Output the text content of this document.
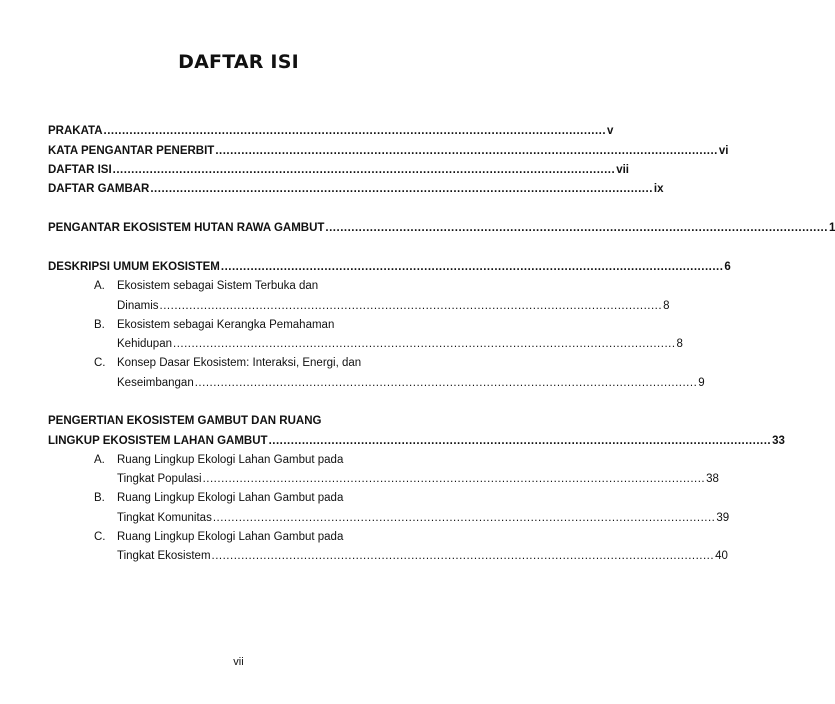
DAFTAR ISI
PRAKATA ........................................................................................................................................ v
KATA PENGANTAR PENERBIT ........................................................................................................................................ vi
DAFTAR ISI ........................................................................................................................................ vii
DAFTAR GAMBAR ........................................................................................................................................ ix
PENGANTAR EKOSISTEM HUTAN RAWA GAMBUT ........................................................................................................................................ 1
DESKRIPSI UMUM EKOSISTEM ........................................................................................................................................ 6
A. Ekosistem sebagai Sistem Terbuka dan
Dinamis ........................................................................................................................................ 8
B. Ekosistem sebagai Kerangka Pemahaman
Kehidupan ........................................................................................................................................ 8
C. Konsep Dasar Ekosistem: Interaksi, Energi, dan
Keseimbangan ........................................................................................................................................ 9
PENGERTIAN EKOSISTEM GAMBUT DAN RUANG
LINGKUP EKOSISTEM LAHAN GAMBUT ........................................................................................................................................ 33
A. Ruang Lingkup Ekologi Lahan Gambut pada
Tingkat Populasi ........................................................................................................................................ 38
B. Ruang Lingkup Ekologi Lahan Gambut pada
Tingkat Komunitas ........................................................................................................................................ 39
C. Ruang Lingkup Ekologi Lahan Gambut pada
Tingkat Ekosistem ........................................................................................................................................ 40
vii
